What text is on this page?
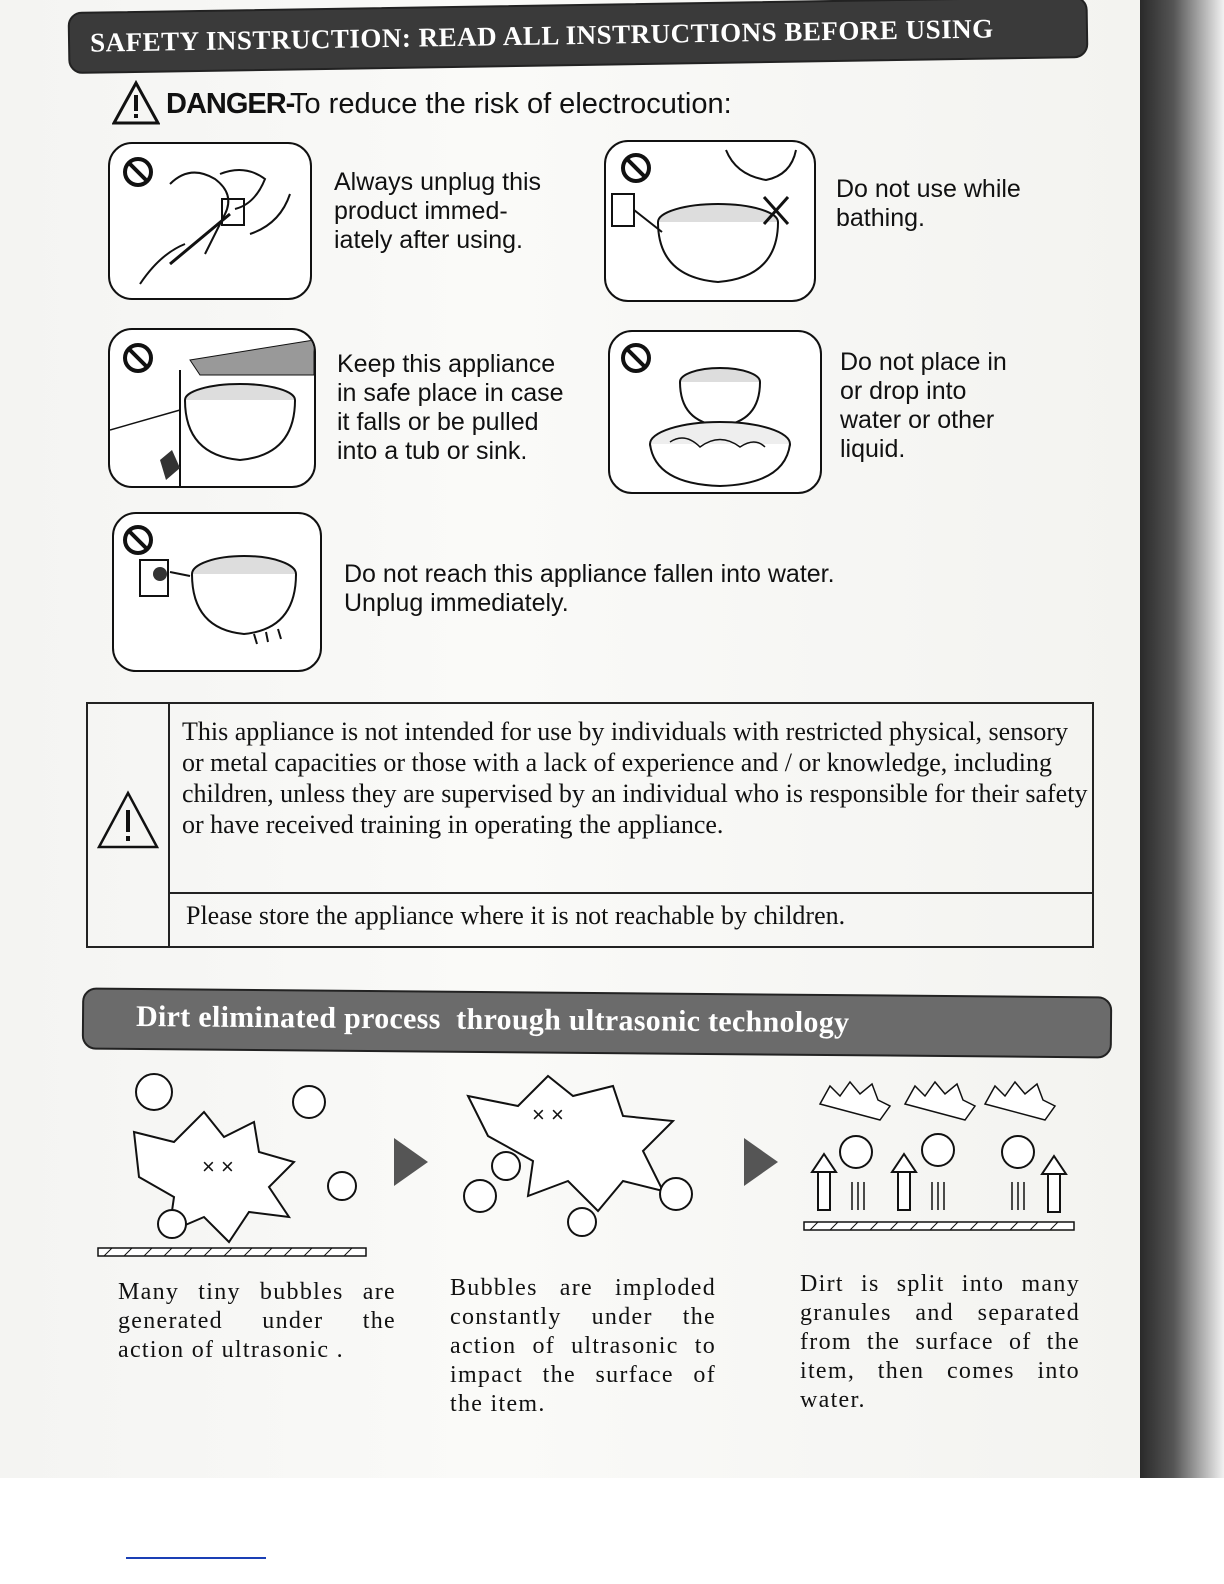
SAFETY INSTRUCTION: READ ALL INSTRUCTIONS BEFORE USING
DANGER-
To reduce the risk of electrocution:
Always unplug this
product immed-
iately after using.
Do not use while
bathing.
Keep this appliance
in safe place in case
it falls or be pulled
into a tub or sink.
Do not place in
or drop into
water or other
liquid.
Do not reach this appliance fallen into water.
Unplug immediately.
This appliance is not intended for use by individuals with restricted physical, sensory or metal capacities or those with a lack of experience and / or knowledge, including children, unless they are supervised by an individual who is responsible for their safety or have received training in operating the appliance.
Please store the appliance where it is not reachable by children.
Dirt eliminated process  through ultrasonic technology
× ×
× ×
Many tiny bubbles are generated under the action of ultrasonic .
Bubbles are imploded constantly under the action of ultrasonic to impact the surface of the item.
Dirt is split into many granules and separated from the surface of the item, then comes into water.
